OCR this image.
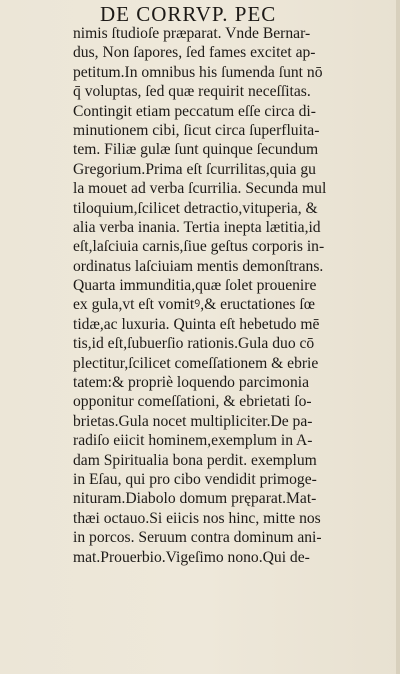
DE CORRVP. PEC
nimis ſtudioſe præparat. Vnde Bernar-
dus, Non ſapores, ſed fames excitet ap-
petitum.In omnibus his ſumenda ſunt nō
q̄ voluptas, ſed quæ requirit neceſſitas.
Contingit etiam peccatum eſſe circa di-
minutionem cibi, ſicut circa ſuperfluita-
tem. Filiæ gulæ ſunt quinque ſecundum
Gregorium.Prima eſt ſcurrilitas,quia gu
la mouet ad verba ſcurrilia. Secunda mul
tiloquium,ſcilicet detractio,vituperia, &
alia verba inania. Tertia inepta lætitia,id
eſt,laſciuia carnis,ſiue geſtus corporis in-
ordinatus laſciuiam mentis demonſtrans.
Quarta immunditia,quæ ſolet prouenire
ex gula,vt eſt vomitꝰ,& eructationes ſœ
tidæ,ac luxuria. Quinta eſt hebetudo mē
tis,id eſt,ſubuerſio rationis.Gula duo cō
plectitur,ſcilicet comeſſationem & ebrie
tatem:& propriè loquendo parcimonia
opponitur comeſſationi, & ebrietati ſo-
brietas.Gula nocet multipliciter.De pa-
radiſo eiicit hominem,exemplum in A-
dam Spiritualia bona perdit. exemplum
in Eſau, qui pro cibo vendidit primoge-
nituram.Diabolo domum pręparat.Mat-
thæi octauo.Si eiicis nos hinc, mitte nos
in porcos. Seruum contra dominum ani-
mat.Prouerbio.Vigeſimo nono.Qui de-
